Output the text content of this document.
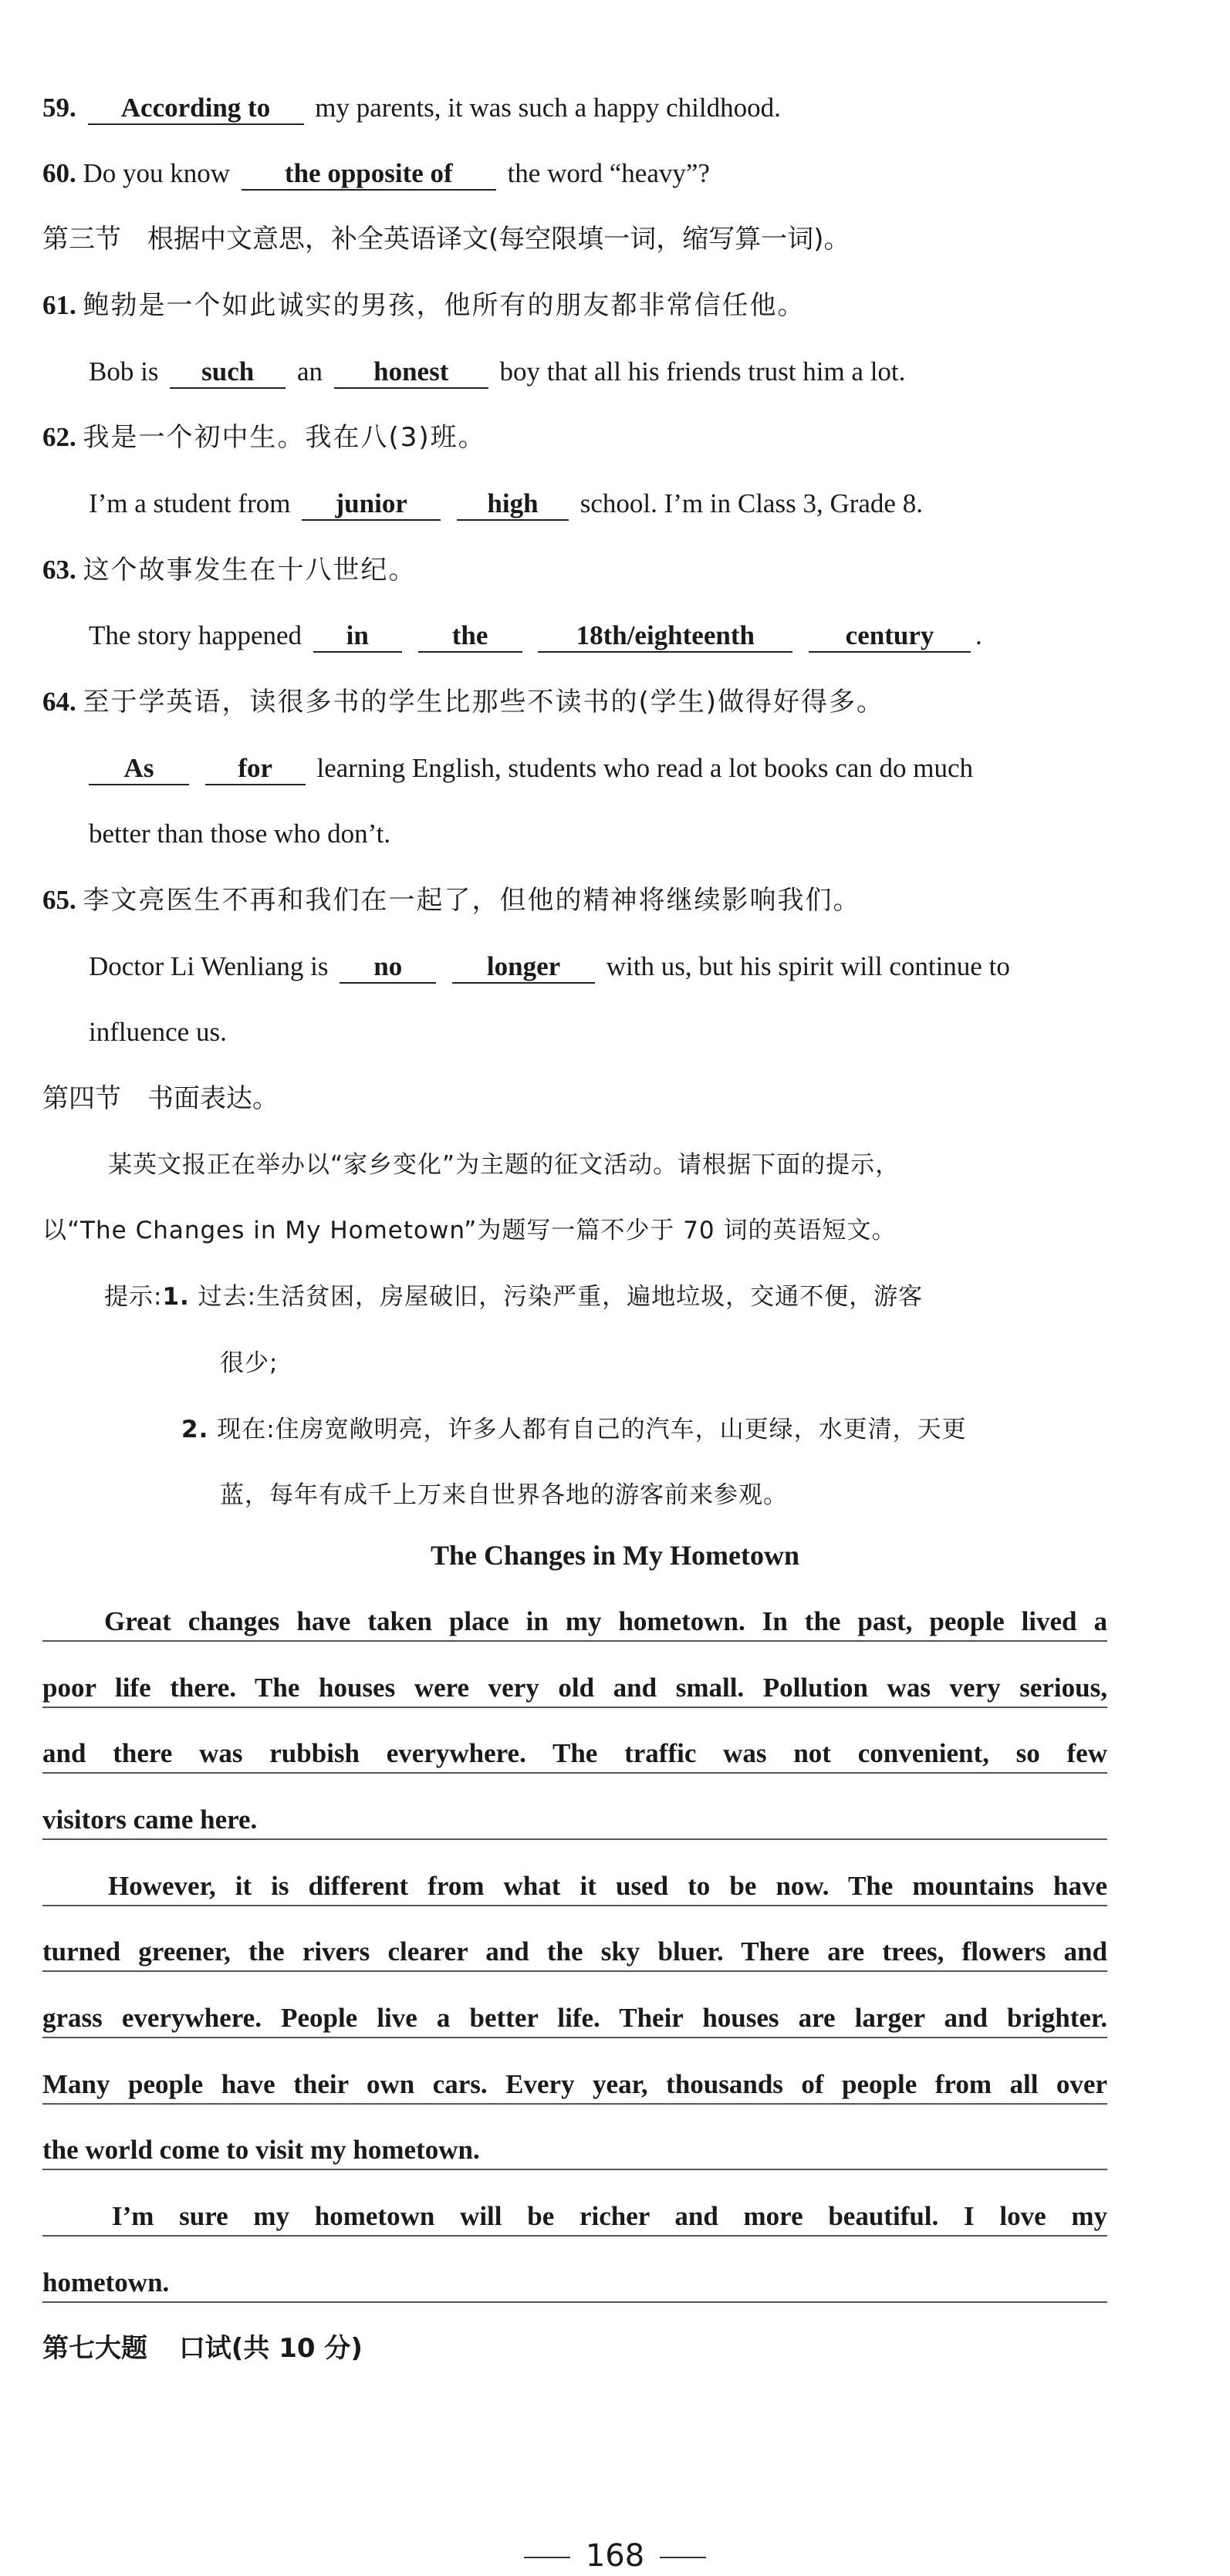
59. According to my parents, it was such a happy childhood.
60. Do you know the opposite of the word “heavy”?
第三节　根据中文意思，补全英语译文(每空限填一词，缩写算一词)。
61. 鲍勃是一个如此诚实的男孩，他所有的朋友都非常信任他。
Bob is such an honest boy that all his friends trust him a lot.
62. 我是一个初中生。我在八(3)班。
I’m a student from junior	high school. I’m in Class 3, Grade 8.
63. 这个故事发生在十八世纪。
The story happened in	the	18th/eighteenth	century .
64. 至于学英语，读很多书的学生比那些不读书的(学生)做得好得多。
As	for learning English, students who read a lot books can do much
better than those who don’t.
65. 李文亮医生不再和我们在一起了，但他的精神将继续影响我们。
Doctor Li Wenliang is no	longer with us, but his spirit will continue to
influence us.
第四节　书面表达。
某英文报正在举办以“家乡变化”为主题的征文活动。请根据下面的提示，
以“The Changes in My Hometown”为题写一篇不少于 70 词的英语短文。
提示:1. 过去:生活贫困，房屋破旧，污染严重，遍地垃圾，交通不便，游客
很少;
2. 现在:住房宽敞明亮，许多人都有自己的汽车，山更绿，水更清，天更
蓝，每年有成千上万来自世界各地的游客前来参观。
The Changes in My Hometown
Great changes have taken place in my hometown. In the past, people lived a
poor life there. The houses were very old and small. Pollution was very serious,
and there was rubbish everywhere. The traffic was not convenient, so few
visitors came here.
However, it is different from what it used to be now. The mountains have
turned greener, the rivers clearer and the sky bluer. There are trees, flowers and
grass everywhere. People live a better life. Their houses are larger and brighter.
Many people have their own cars. Every year, thousands of people from all over
the world come to visit my hometown.
I’m sure my hometown will be richer and more beautiful. I love my
hometown.
第七大题 口试(共 10 分)
168
